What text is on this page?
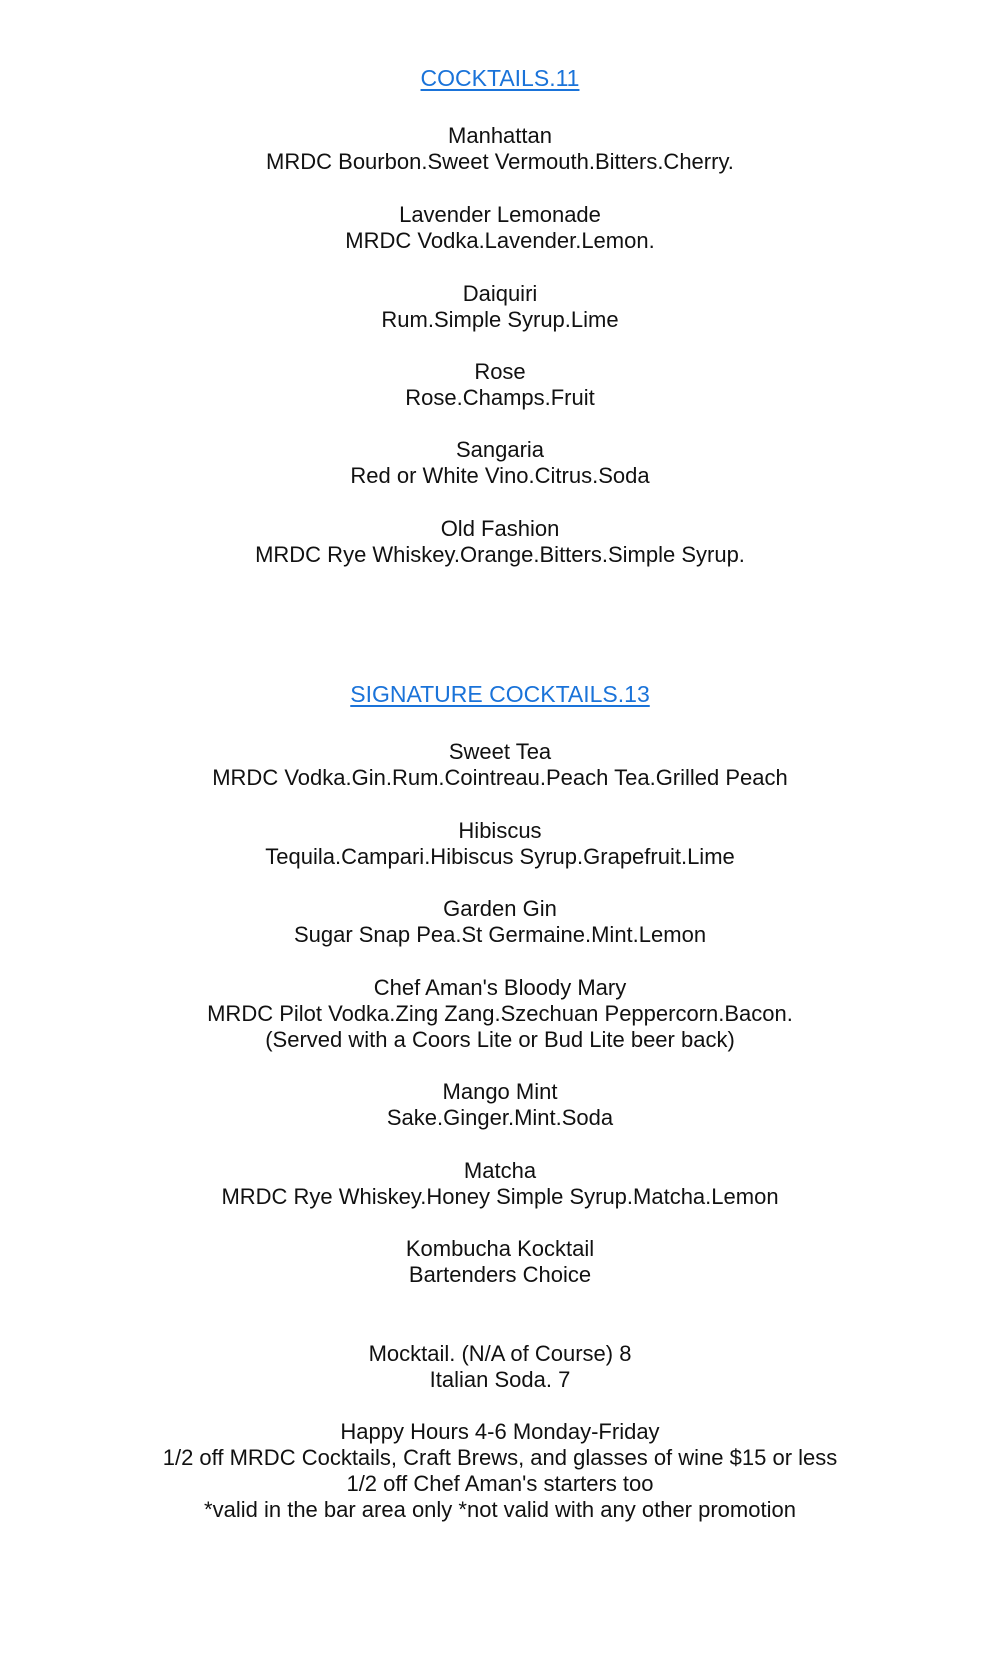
COCKTAILS.11
Manhattan
MRDC Bourbon.Sweet Vermouth.Bitters.Cherry.
Lavender Lemonade
MRDC Vodka.Lavender.Lemon.
Daiquiri
Rum.Simple Syrup.Lime
Rose
Rose.Champs.Fruit
Sangaria
Red or White Vino.Citrus.Soda
Old Fashion
MRDC Rye Whiskey.Orange.Bitters.Simple Syrup.
SIGNATURE COCKTAILS.13
Sweet Tea
MRDC Vodka.Gin.Rum.Cointreau.Peach Tea.Grilled Peach
Hibiscus
Tequila.Campari.Hibiscus Syrup.Grapefruit.Lime
Garden Gin
Sugar Snap Pea.St Germaine.Mint.Lemon
Chef Aman's Bloody Mary
MRDC Pilot Vodka.Zing Zang.Szechuan Peppercorn.Bacon.
(Served with a Coors Lite or Bud Lite beer back)
Mango Mint
Sake.Ginger.Mint.Soda
Matcha
MRDC Rye Whiskey.Honey Simple Syrup.Matcha.Lemon
Kombucha Kocktail
Bartenders Choice
Mocktail. (N/A of Course) 8
Italian Soda. 7
Happy Hours 4-6 Monday-Friday
1/2 off MRDC Cocktails, Craft Brews, and glasses of wine $15 or less
1/2 off Chef Aman's starters too
*valid in the bar area only *not valid with any other promotion
